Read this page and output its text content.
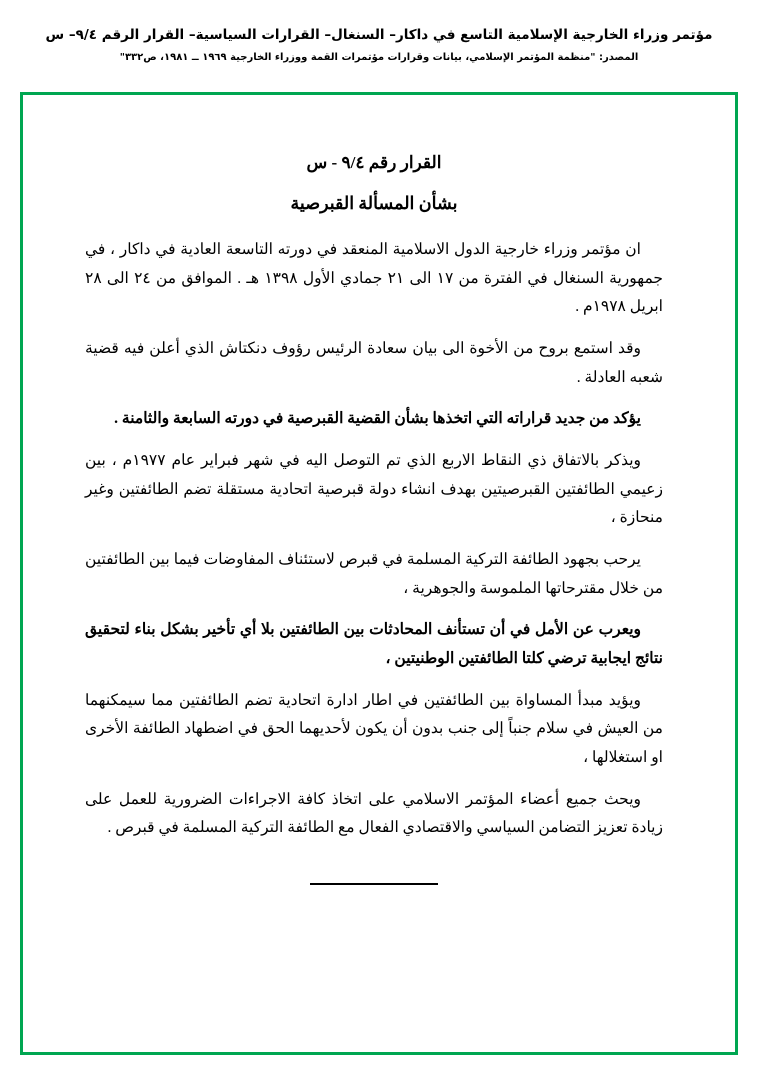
مؤتمر وزراء الخارجية الإسلامية التاسع في داكار– السنغال– القرارات السياسية– القرار الرقم ٩/٤– س
المصدر: "منظمة المؤتمر الإسلامي، بيانات وقرارات مؤتمرات القمة ووزراء الخارجية ١٩٦٩ ــ ١٩٨١، ص٣٣٢"
القرار رقم ٩/٤ - س
بشأن المسألة القبرصية

ان مؤتمر وزراء خارجية الدول الاسلامية المنعقد في دورته التاسعة العادية في داكار ، في جمهورية السنغال في الفترة من ١٧ الى ٢١ جمادي الأول ١٣٩٨ هـ . الموافق من ٢٤ الى ٢٨ ابريل ١٩٧٨م .

وقد استمع بروح من الأخوة الى بيان سعادة الرئيس رؤوف دنكتاش الذي أعلن فيه قضية شعبه العادلة .

يؤكد من جديد قراراته التي اتخذها بشأن القضية القبرصية في دورته السابعة والثامنة .

ويذكر بالاتفاق ذي النقاط الاربع الذي تم التوصل اليه في شهر فبراير عام ١٩٧٧م ، بين زعيمي الطائفتين القبرصيتين بهدف انشاء دولة قبرصية اتحادية مستقلة تضم الطائفتين وغير منحازة ،

يرحب بجهود الطائفة التركية المسلمة في قبرص لاستئناف المفاوضات فيما بين الطائفتين من خلال مقترحاتها الملموسة والجوهرية ،

ويعرب عن الأمل في أن تستأنف المحادثات بين الطائفتين بلا أي تأخير بشكل بناء لتحقيق نتائج ايجابية ترضي كلتا الطائفتين الوطنيتين ،

ويؤيد مبدأ المساواة بين الطائفتين في اطار ادارة اتحادية تضم الطائفتين مما سيمكنهما من العيش في سلام جنباً إلى جنب بدون أن يكون لأحديهما الحق في اضطهاد الطائفة الأخرى او استغلالها ،

ويحث جميع أعضاء المؤتمر الاسلامي على اتخاذ كافة الاجراءات الضرورية للعمل على زيادة تعزيز التضامن السياسي والاقتصادي الفعال مع الطائفة التركية المسلمة في قبرص .
